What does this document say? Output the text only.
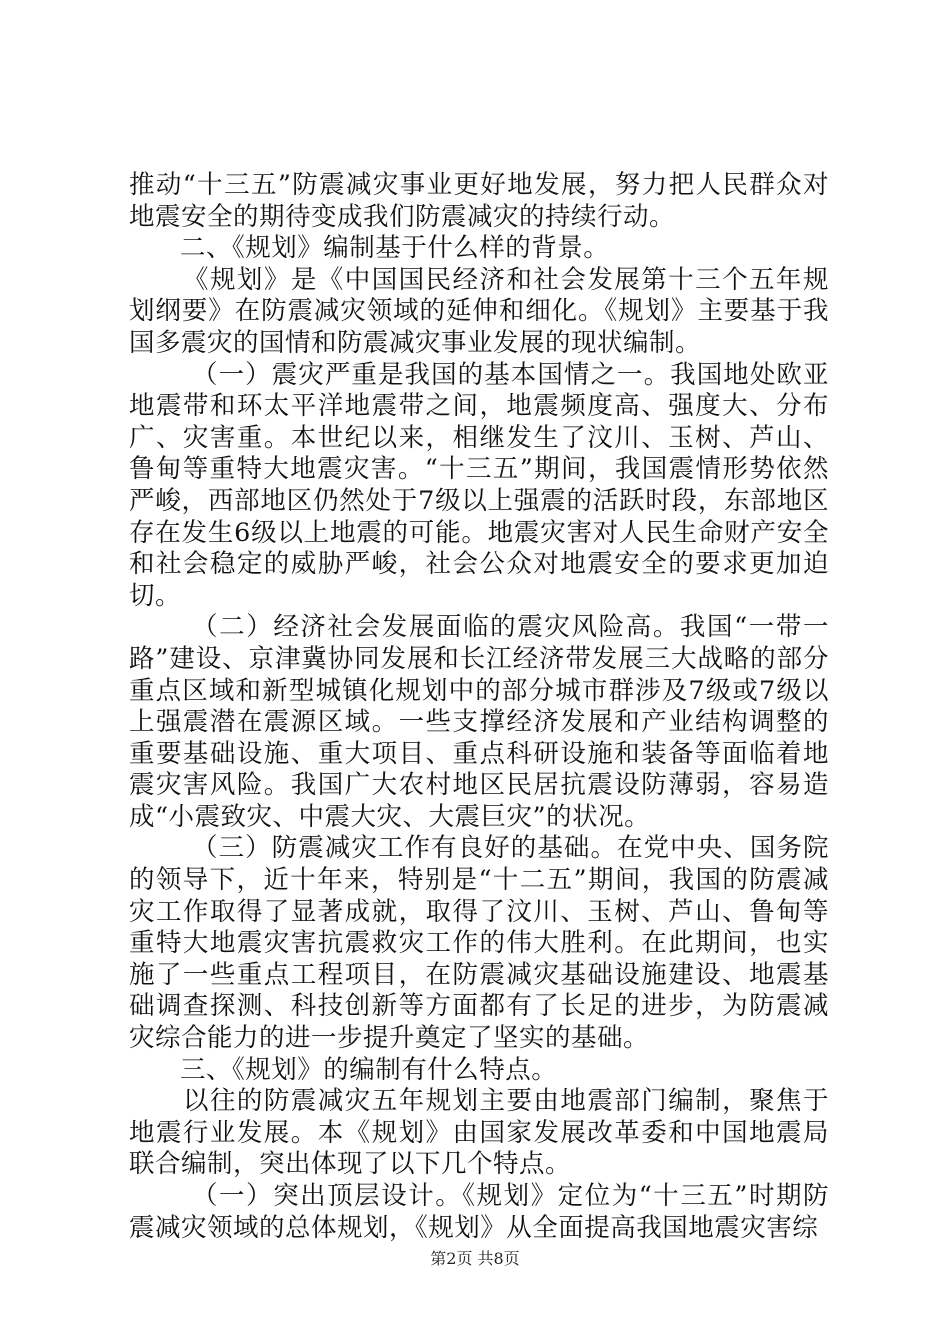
推动“十三五”防震减灾事业更好地发展，努力把人民群众对地震安全的期待变成我们防震减灾的持续行动。

二、《规划》编制基于什么样的背景。

《规划》是《中国国民经济和社会发展第十三个五年规划纲要》在防震减灾领域的延伸和细化。《规划》主要基于我国多震灾的国情和防震减灾事业发展的现状编制。

（一）震灾严重是我国的基本国情之一。我国地处欧亚地震带和环太平洋地震带之间，地震频度高、强度大、分布广、灾害重。本世纪以来，相继发生了汶川、玉树、芦山、鲁甸等重特大地震灾害。“十三五”期间，我国震情形势依然严峻，西部地区仍然处于7级以上强震的活跃时段，东部地区存在发生6级以上地震的可能。地震灾害对人民生命财产安全和社会稳定的威胁严峻，社会公众对地震安全的要求更加迫切。

（二）经济社会发展面临的震灾风险高。我国“一带一路”建设、京津冀协同发展和长江经济带发展三大战略的部分重点区域和新型城镇化规划中的部分城市群涉及7级或7级以上强震潜在震源区域。一些支撑经济发展和产业结构调整的重要基础设施、重大项目、重点科研设施和装备等面临着地震灾害风险。我国广大农村地区民居抗震设防薄弱，容易造成“小震致灾、中震大灾、大震巨灾”的状况。

（三）防震减灾工作有良好的基础。在党中央、国务院的领导下，近十年来，特别是“十二五”期间，我国的防震减灾工作取得了显著成就，取得了汶川、玉树、芦山、鲁甸等重特大地震灾害抗震救灾工作的伟大胜利。在此期间，也实施了一些重点工程项目，在防震减灾基础设施建设、地震基础调查探测、科技创新等方面都有了长足的进步，为防震减灾综合能力的进一步提升奠定了坚实的基础。

三、《规划》的编制有什么特点。

以往的防震减灾五年规划主要由地震部门编制，聚焦于地震行业发展。本《规划》由国家发展改革委和中国地震局联合编制，突出体现了以下几个特点。

（一）突出顶层设计。《规划》定位为“十三五”时期防震减灾领域的总体规划，《规划》从全面提高我国地震灾害综

第2页 共8页
